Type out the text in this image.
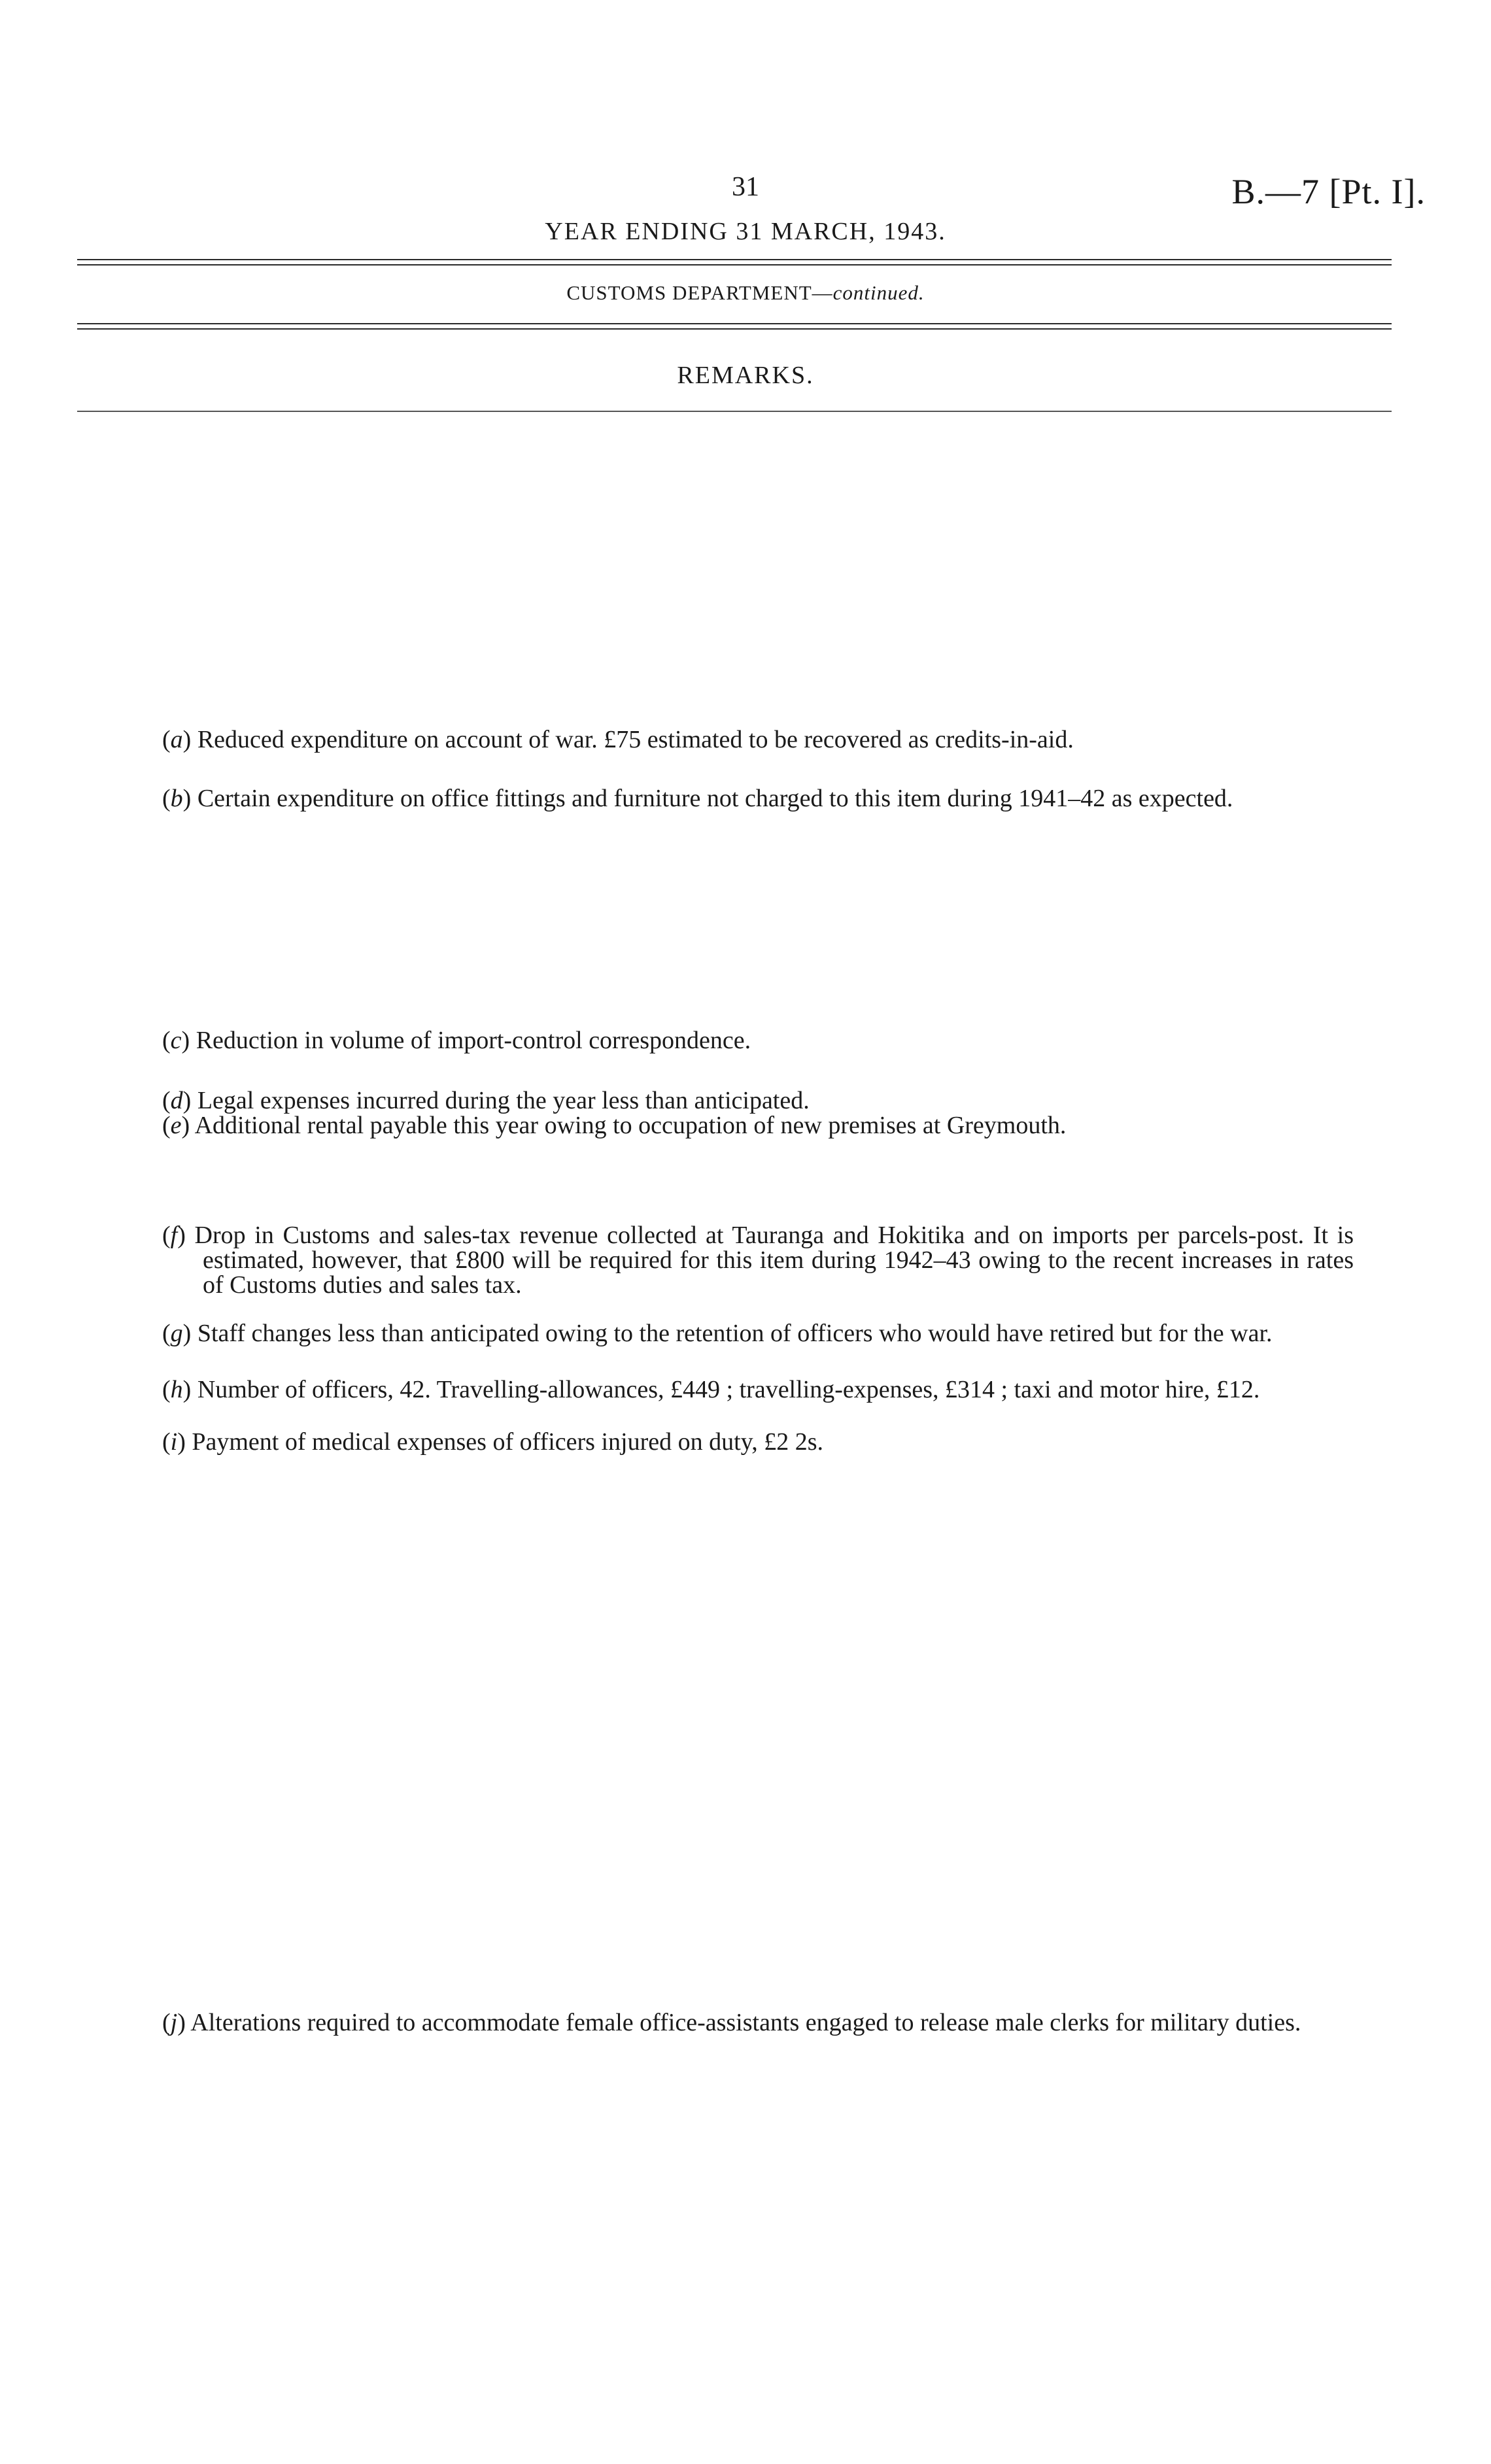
31	B.—7 [Pt. I].
YEAR ENDING 31 MARCH, 1943.
CUSTOMS DEPARTMENT—continued.
REMARKS.
(a) Reduced expenditure on account of war. £75 estimated to be recovered as credits-in-aid.
(b) Certain expenditure on office fittings and furniture not charged to this item during 1941–42 as expected.
(c) Reduction in volume of import-control correspondence.
(d) Legal expenses incurred during the year less than anticipated.
(e) Additional rental payable this year owing to occupation of new premises at Greymouth.
(f) Drop in Customs and sales-tax revenue collected at Tauranga and Hokitika and on imports per parcels-post. It is estimated, however, that £800 will be required for this item during 1942–43 owing to the recent increases in rates of Customs duties and sales tax.
(g) Staff changes less than anticipated owing to the retention of officers who would have retired but for the war.
(h) Number of officers, 42. Travelling-allowances, £449 ; travelling-expenses, £314 ; taxi and motor hire, £12.
(i) Payment of medical expenses of officers injured on duty, £2 2s.
(j) Alterations required to accommodate female office-assistants engaged to release male clerks for military duties.
